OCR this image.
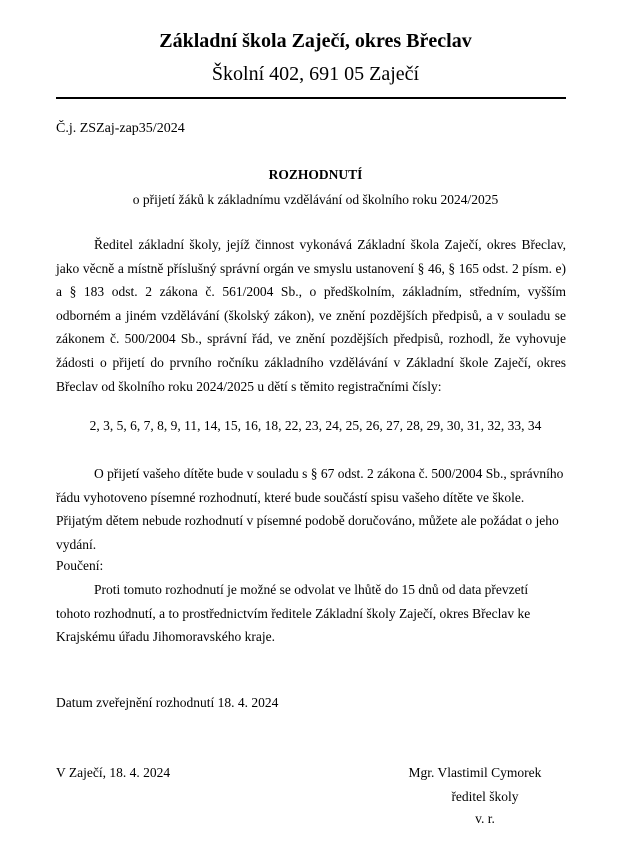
Základní škola Zaječí, okres Břeclav
Školní 402, 691 05 Zaječí
Č.j. ZSZaj-zap35/2024
ROZHODNUTÍ
o přijetí žáků k základnímu vzdělávání od školního roku 2024/2025

Ředitel základní školy, jejíž činnost vykonává Základní škola Zaječí, okres Břeclav, jako věcně a místně příslušný správní orgán ve smyslu ustanovení § 46, § 165 odst. 2 písm. e) a § 183 odst. 2 zákona č. 561/2004 Sb., o předškolním, základním, středním, vyšším odborném a jiném vzdělávání (školský zákon), ve znění pozdějších předpisů, a v souladu se zákonem č. 500/2004 Sb., správní řád, ve znění pozdějších předpisů, rozhodl, že vyhovuje žádosti o přijetí do prvního ročníku základního vzdělávání v Základní škole Zaječí, okres Břeclav od školního roku 2024/2025 u dětí s těmito registračními čísly:

2, 3, 5, 6, 7, 8, 9, 11, 14, 15, 16, 18, 22, 23, 24, 25, 26, 27, 28, 29, 30, 31, 32, 33, 34

O přijetí vašeho dítěte bude v souladu s § 67 odst. 2 zákona č. 500/2004 Sb., správního řádu vyhotoveno písemné rozhodnutí, které bude součástí spisu vašeho dítěte ve škole. Přijatým dětem nebude rozhodnutí v písemné podobě doručováno, můžete ale požádat o jeho vydání.

Poučení:

Proti tomuto rozhodnutí je možné se odvolat ve lhůtě do 15 dnů od data převzetí tohoto rozhodnutí, a to prostřednictvím ředitele Základní školy Zaječí, okres Břeclav ke Krajskému úřadu Jihomoravského kraje.

Datum zveřejnění rozhodnutí 18. 4. 2024
V Zaječí, 18. 4. 2024	Mgr. Vlastimil Cymorek
ředitel školy
v. r.
